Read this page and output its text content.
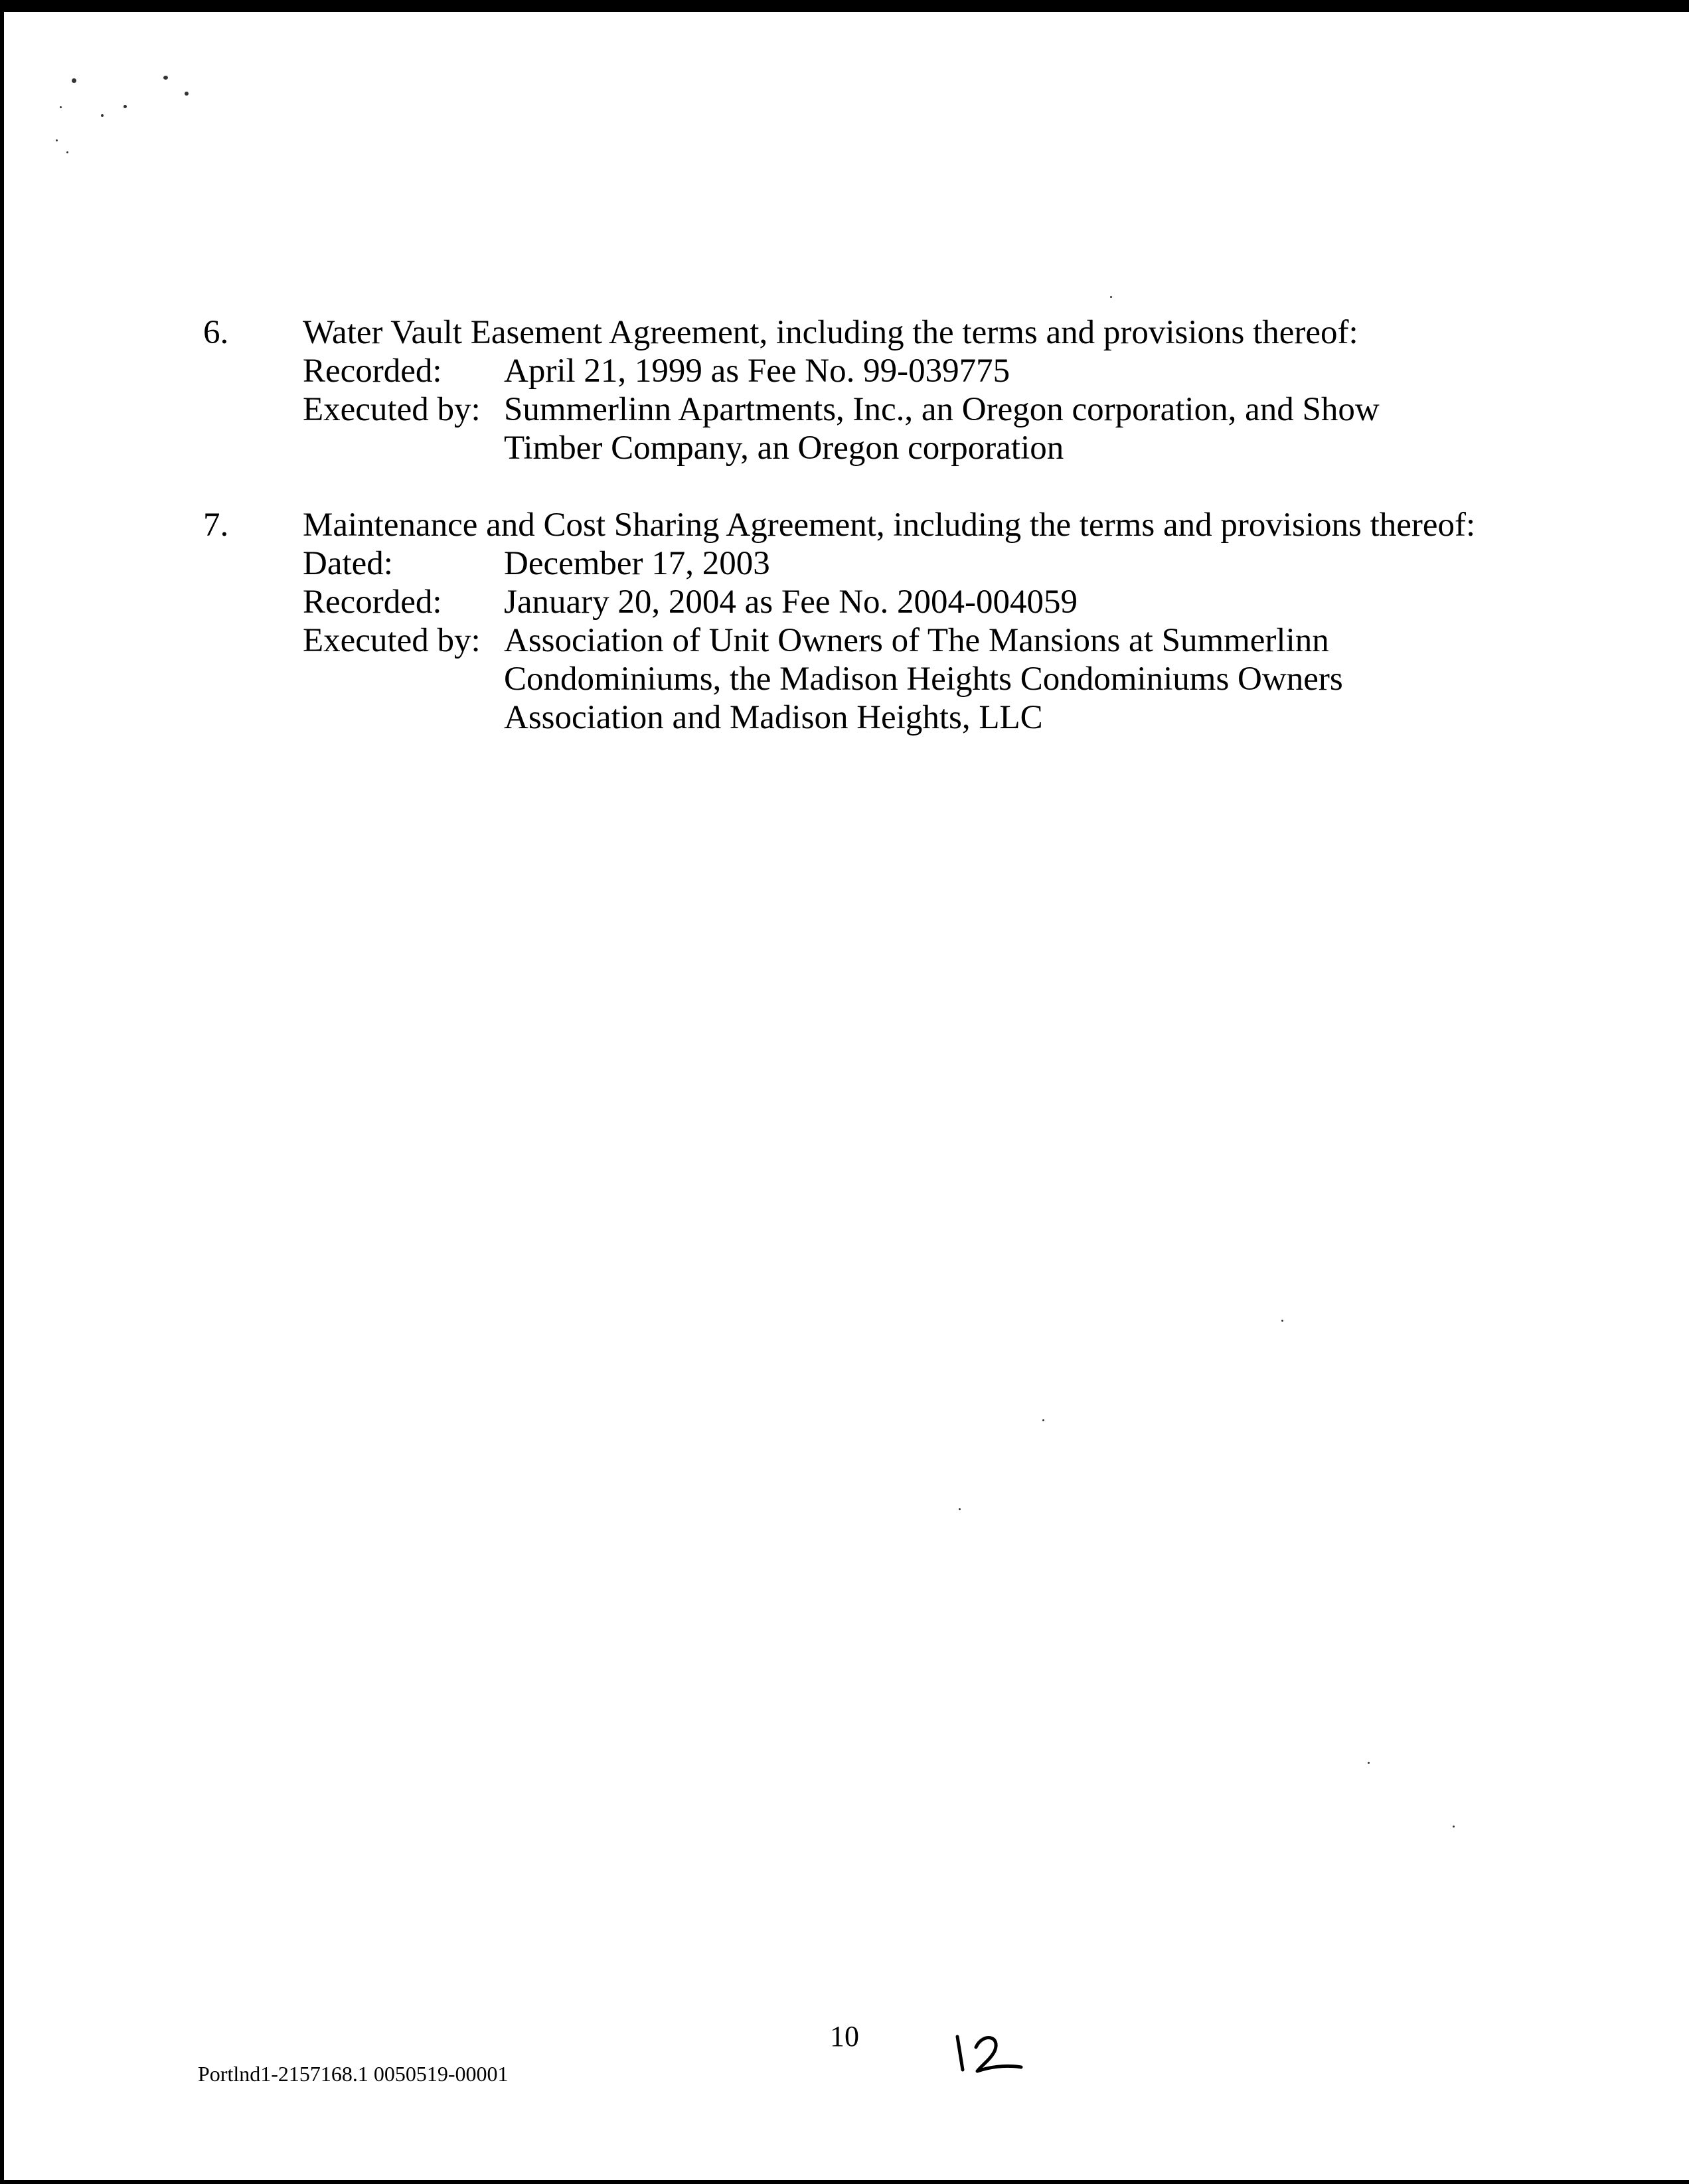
6. Water Vault Easement Agreement, including the terms and provisions thereof:
Recorded: April 21, 1999 as Fee No. 99-039775
Executed by: Summerlinn Apartments, Inc., an Oregon corporation, and Show Timber Company, an Oregon corporation
7. Maintenance and Cost Sharing Agreement, including the terms and provisions thereof:
Dated:	December 17, 2003
Recorded: January 20, 2004 as Fee No. 2004-004059
Executed by: Association of Unit Owners of The Mansions at Summerlinn Condominiums, the Madison Heights Condominiums Owners Association and Madison Heights, LLC
10
Portlnd1-2157168.1 0050519-00001
